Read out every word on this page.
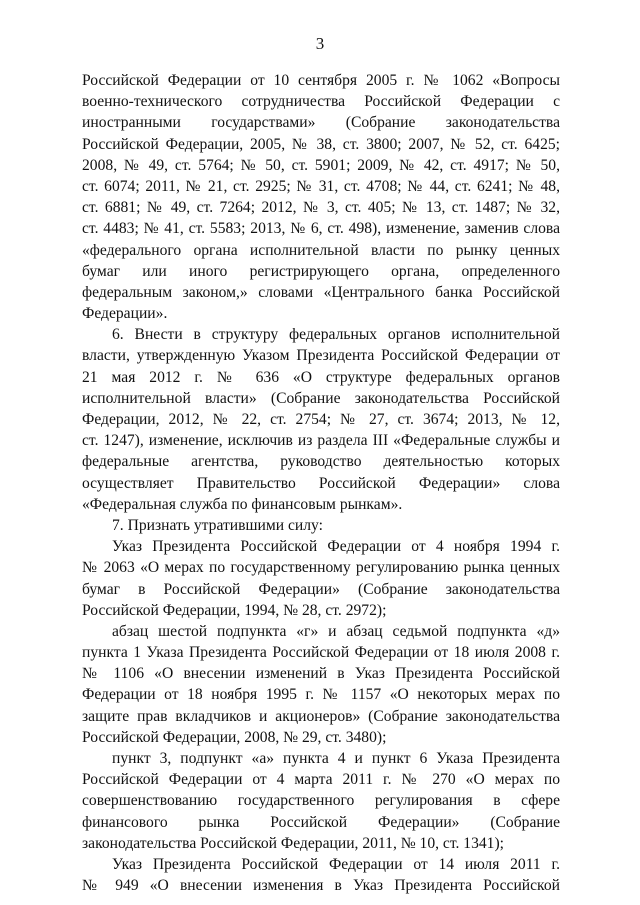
3
Российской Федерации от 10 сентября 2005 г. № 1062 «Вопросы
военно-технического сотрудничества Российской Федерации с
иностранными государствами» (Собрание законодательства
Российской Федерации, 2005, № 38, ст. 3800; 2007, № 52, ст. 6425;
2008, № 49, ст. 5764; № 50, ст. 5901; 2009, № 42, ст. 4917; № 50,
ст. 6074; 2011, № 21, ст. 2925; № 31, ст. 4708; № 44, ст. 6241; № 48,
ст. 6881; № 49, ст. 7264; 2012, № 3, ст. 405; № 13, ст. 1487; № 32,
ст. 4483; № 41, ст. 5583; 2013, № 6, ст. 498), изменение, заменив слова
«федерального органа исполнительной власти по рынку ценных
бумаг или иного регистрирующего органа, определенного
федеральным законом,» словами «Центрального банка Российской
Федерации».
6. Внести в структуру федеральных органов исполнительной
власти, утвержденную Указом Президента Российской Федерации от
21 мая 2012 г. № 636 «О структуре федеральных органов
исполнительной власти» (Собрание законодательства Российской
Федерации, 2012, № 22, ст. 2754; № 27, ст. 3674; 2013, № 12,
ст. 1247), изменение, исключив из раздела III «Федеральные службы и
федеральные агентства, руководство деятельностью которых
осуществляет Правительство Российской Федерации» слова
«Федеральная служба по финансовым рынкам».
7. Признать утратившими силу:
Указ Президента Российской Федерации от 4 ноября 1994 г.
№ 2063 «О мерах по государственному регулированию рынка ценных
бумаг в Российской Федерации» (Собрание законодательства
Российской Федерации, 1994, № 28, ст. 2972);
абзац шестой подпункта «г» и абзац седьмой подпункта «д»
пункта 1 Указа Президента Российской Федерации от 18 июля 2008 г.
№ 1106 «О внесении изменений в Указ Президента Российской
Федерации от 18 ноября 1995 г. № 1157 «О некоторых мерах по
защите прав вкладчиков и акционеров» (Собрание законодательства
Российской Федерации, 2008, № 29, ст. 3480);
пункт 3, подпункт «а» пункта 4 и пункт 6 Указа Президента
Российской Федерации от 4 марта 2011 г. № 270 «О мерах по
совершенствованию государственного регулирования в сфере
финансового рынка Российской Федерации» (Собрание
законодательства Российской Федерации, 2011, № 10, ст. 1341);
Указ Президента Российской Федерации от 14 июля 2011 г.
№ 949 «О внесении изменения в Указ Президента Российской
